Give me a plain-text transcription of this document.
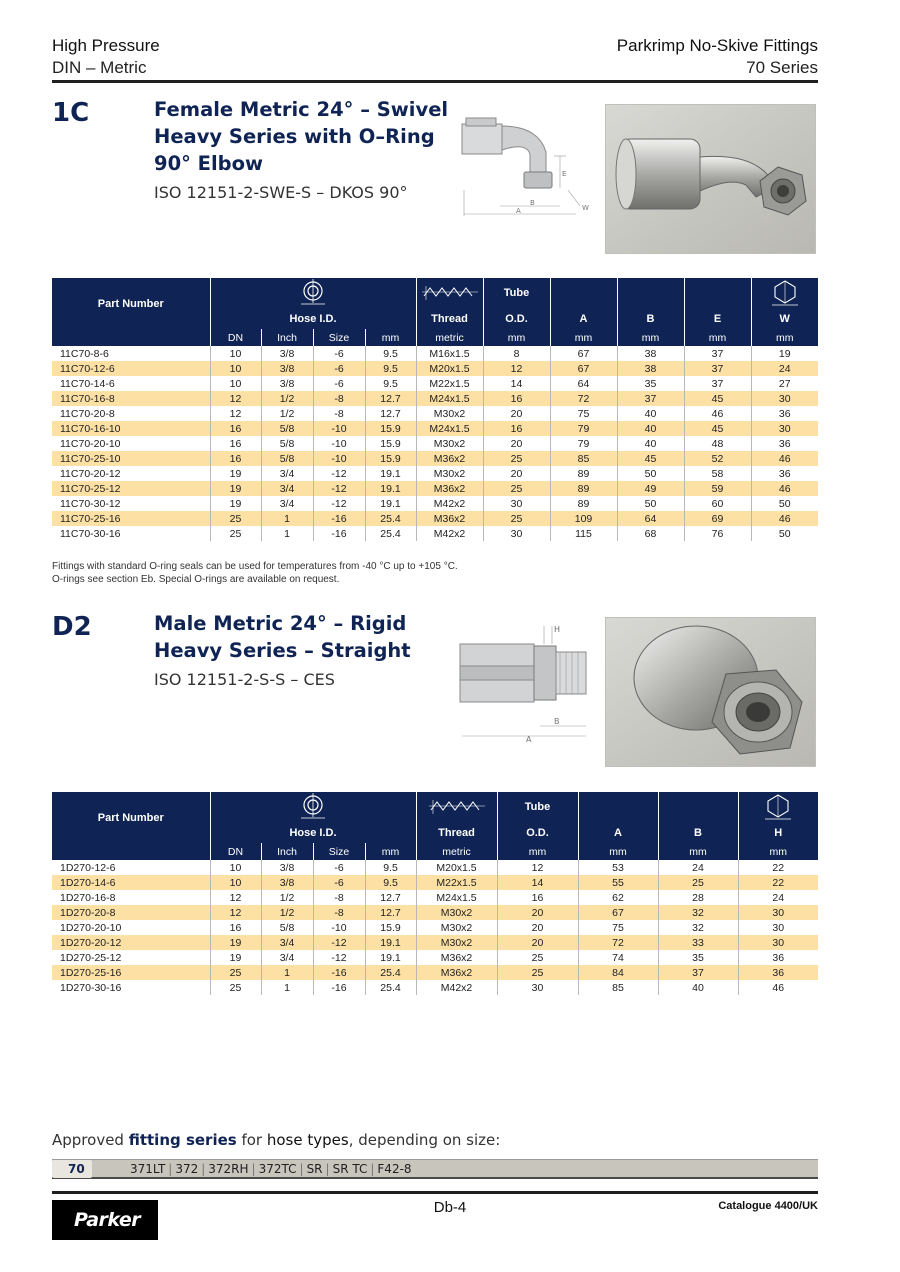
High Pressure
DIN – Metric
Parkrimp No-Skive Fittings
70 Series
1C	Female Metric 24° – Swivel
Heavy Series with O–Ring
90° Elbow
ISO 12151-2-SWE-S – DKOS 90°
A
B
E
W
Part Number						Tube				

	Hose I.D.				Thread	O.D.	A	B	E	W
	DN	Inch	Size	mm	metric	mm	mm	mm	mm	mm
11C70-8-6	10	3/8	-6	9.5	M16x1.5	8	67	38	37	19
11C70-12-6	10	3/8	-6	9.5	M20x1.5	12	67	38	37	24
11C70-14-6	10	3/8	-6	9.5	M22x1.5	14	64	35	37	27
11C70-16-8	12	1/2	-8	12.7	M24x1.5	16	72	37	45	30
11C70-20-8	12	1/2	-8	12.7	M30x2	20	75	40	46	36
11C70-16-10	16	5/8	-10	15.9	M24x1.5	16	79	40	45	30
11C70-20-10	16	5/8	-10	15.9	M30x2	20	79	40	48	36
11C70-25-10	16	5/8	-10	15.9	M36x2	25	85	45	52	46
11C70-20-12	19	3/4	-12	19.1	M30x2	20	89	50	58	36
11C70-25-12	19	3/4	-12	19.1	M36x2	25	89	49	59	46
11C70-30-12	19	3/4	-12	19.1	M42x2	30	89	50	60	50
11C70-25-16	25	1	-16	25.4	M36x2	25	109	64	69	46
11C70-30-16	25	1	-16	25.4	M42x2	30	115	68	76	50
Fittings with standard O-ring seals can be used for temperatures from -40 °C up to +105 °C.
O-rings see section Eb. Special O-rings are available on request.
D2	Male Metric 24° – Rigid
Heavy Series – Straight
ISO 12151-2-S-S – CES
H
B
A
Part Number						Tube			

	Hose I.D.				Thread	O.D.	A	B	H
	DN	Inch	Size	mm	metric	mm	mm	mm	mm
1D270-12-6	10	3/8	-6	9.5	M20x1.5	12	53	24	22
1D270-14-6	10	3/8	-6	9.5	M22x1.5	14	55	25	22
1D270-16-8	12	1/2	-8	12.7	M24x1.5	16	62	28	24
1D270-20-8	12	1/2	-8	12.7	M30x2	20	67	32	30
1D270-20-10	16	5/8	-10	15.9	M30x2	20	75	32	30
1D270-20-12	19	3/4	-12	19.1	M30x2	20	72	33	30
1D270-25-12	19	3/4	-12	19.1	M36x2	25	74	35	36
1D270-25-16	25	1	-16	25.4	M36x2	25	84	37	36
1D270-30-16	25	1	-16	25.4	M42x2	30	85	40	46
Approved fitting series for hose types, depending on size:
70	371LT | 372 | 372RH | 372TC | SR | SR TC | F42-8
Parker
Db-4	Catalogue 4400/UK
